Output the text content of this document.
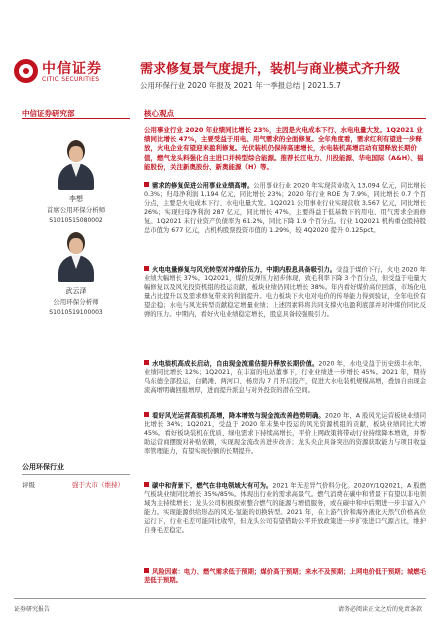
中信证券
CITIC SECURITIES
需求修复景气度提升，装机与商业模式齐升级
公用环保行业 2020 年报及 2021 年一季报总结 | 2021.5.7
中信证券研究部	核心观点
李想
首席公用环保分析师
S1010515080002
武云泽
公用环保分析师
S1010519100003
公用环保行业
评级	强于大市（维持）
公用事业行业 2020 年业绩同比增长 23%，主因是火电成本下行、水电电量大发。1Q2021 业绩同比增长 47%，主要受益于用电、用气需求的全面修复。全年角度看，需求红利有望进一步释放，火电企业有望迎来盈利修复。光伏装机仍保持高速增长，水电装机高增启动有望释放长期价值，燃气龙头料强化自主进口并转型综合能源。推荐长江电力、川投能源、华电国际（A&H）、福能股份，关注新奥股份、新奥能源（H）等。
需求的修复促进公用事业业绩高增。公用事业行业 2020 年实现营业收入 13,094 亿元，同比增长 0.3%；归母净利润 1,194 亿元，同比增长 23%；2020 年行业 ROE 为 7.9%，同比增长 0.7 个百分点，主要是火电成本下行、水电电量大发。1Q2021 公用事业行业实现营收 3,567 亿元，同比增长 26%；实现归母净利润 287 亿元，同比增长 47%，主要得益于低基数下的用电、用气需求全面修复。1Q2021 末行业资产负债率为 61.2%，同比下降 1.9 个百分点。行业 1Q2021 机构重仓股持股总市值为 677 亿元，占机构股票投资市值的 1.29%，较 4Q2020 提升 0.125pct。
火电电量修复与风光转型对冲煤价压力，中期内股息具备吸引力。受益于煤价下行，火电 2020 年业绩大幅增长 37%。1Q2021，煤价反弹压力初步体现，致毛利率下降 3 个百分点，但受益于电量大幅修复以及风光投资机组的投运贡献，板块业绩仍同比增长 38%。年内看好煤价高位回落，市场化电量占比提升以及需求修复带来的利润提升。电力板块下火电对电价的传导能力得到验证，全年电价有望企稳；水电与风光转型贡献稳定增量业绩；上述因素料将共同支撑火电盈利底部并对冲煤价同比反弹的压力。中期内，看好火电业绩稳定增长，股息具备较强吸引力。
水电装机高成长启动，自由现金流重估提升释放长期价值。2020 年，水电受益于历史级丰水年，业绩同比增长 12%；1Q2021，在丰富的电站董事下，行业业绩进一步增长 45%。2021 年，期待乌东德全部投运，白鹤滩、两河口、杨房沟 7 月开启投产，促进大水电装机规模高增，叠加自由现金流高增明确回报增厚，进而提升派息与对外投资的潜在空间。
看好风光运营高装机高增，降本增效与现金流改善趋势明确。2020 年，A 股风光运营板块业绩同比增长 34%；1Q2021，受益于 2020 年末集中投运的风光资源机组的贡献，板块业绩同比大增 45%。看好板块装机在优质、绿电需求下持续高增长，平价上网政策将带动行业持续降本增效，并帮助运营商摆脱对补贴依赖，实现现金流改善进步改善；龙头央企具备突出的资源获取能力与项目收益率管理能力，有望实现份额的长期提升。
碳中和背景下，燃气在非电领域大有可为。2021 年无差异气价料分化。2020Y/1Q2021，A 股燃气板块业绩同比增长 35%/85%。体现出行业的需求高景气。燃气消费在碳中和背景下有望以非电领域为主持续增长；龙头公司积极探索整合燃气的能源与增值服务，或在碳中和中后期进一步丰富入户能力。实现能源供给形态的风光-氢能的切换转型。2021 年，在上游气价和海外液化天然气价格高位运行下，行业毛差可能同比收窄，但龙头公司有望借助公平开放政策进一步扩张进口气源占比，维护自身毛差稳定。
风险因素：电力、燃气需求低于预期；煤价高于预期；来水不及预期；上网电价低于预期；城燃毛差低于预期。
证券研究报告	请务必阅读正文之后的免责条款
